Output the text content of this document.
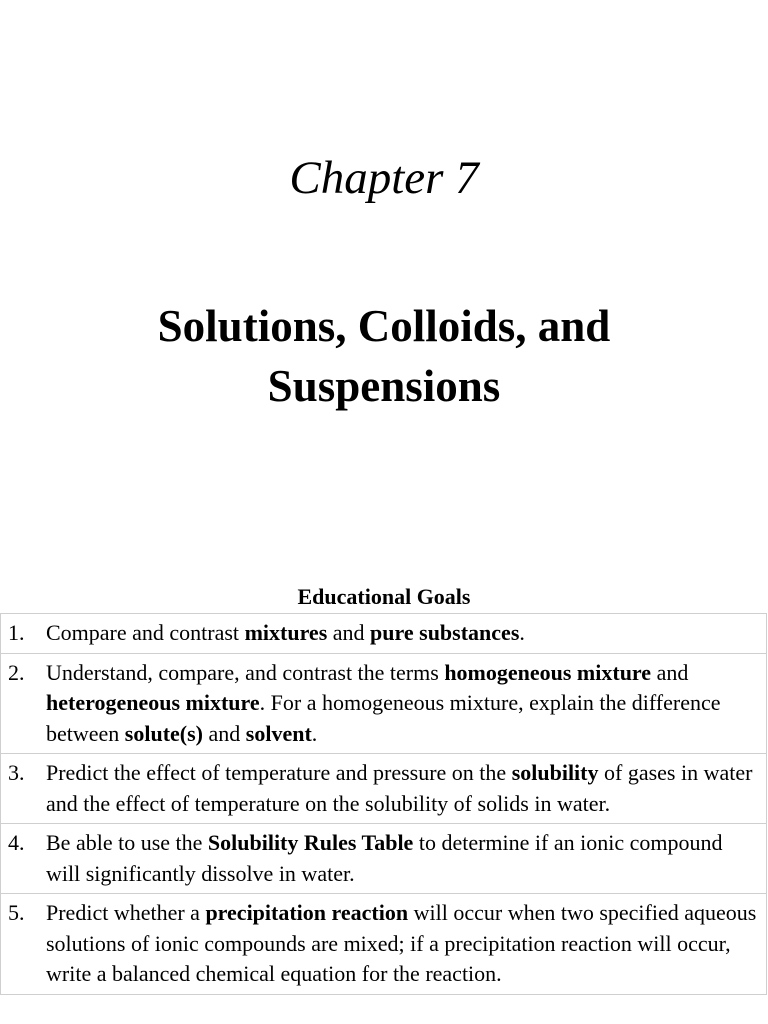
Chapter 7
Solutions, Colloids, and
Suspensions
Educational Goals
1.	Compare and contrast mixtures and pure substances.
2.	Understand, compare, and contrast the terms homogeneous mixture and heterogeneous mixture. For a homogeneous mixture, explain the difference between solute(s) and solvent.
3.	Predict the effect of temperature and pressure on the solubility of gases in water and the effect of temperature on the solubility of solids in water.
4.	Be able to use the Solubility Rules Table to determine if an ionic compound will significantly dissolve in water.
5.	Predict whether a precipitation reaction will occur when two specified aqueous solutions of ionic compounds are mixed; if a precipitation reaction will occur, write a balanced chemical equation for the reaction.
